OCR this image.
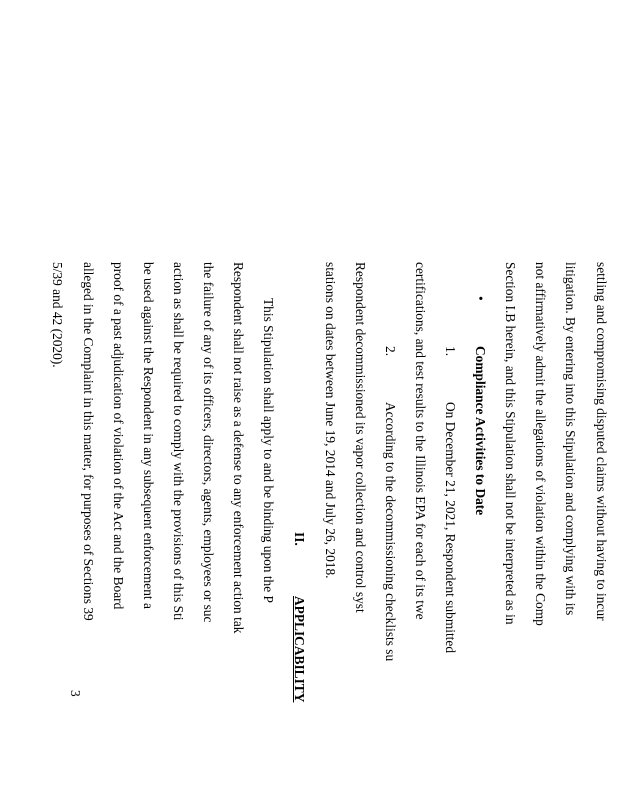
settling and compromising disputed claims without having to incur
litigation. By entering into this Stipulation and complying with its
not affirmatively admit the allegations of violation within the Comp
Section I.B herein, and this Stipulation shall not be interpreted as in
•
Compliance Activities to Date
1.
On December 21, 2021, Respondent submitted
certifications, and test results to the Illinois EPA for each of its twe
2.
According to the decommissioning checklists su
Respondent decommissioned its vapor collection and control syst
stations on dates between June 19, 2014 and July 26, 2018.
II.
APPLICABILITY
This Stipulation shall apply to and be binding upon the P
Respondent shall not raise as a defense to any enforcement action tak
the failure of any of its officers, directors, agents, employees or suc
action as shall be required to comply with the provisions of this Sti
be used against the Respondent in any subsequent enforcement a
proof of a past adjudication of violation of the Act and the Board
alleged in the Complaint in this matter, for purposes of Sections 39
5/39 and 42 (2020).
3
